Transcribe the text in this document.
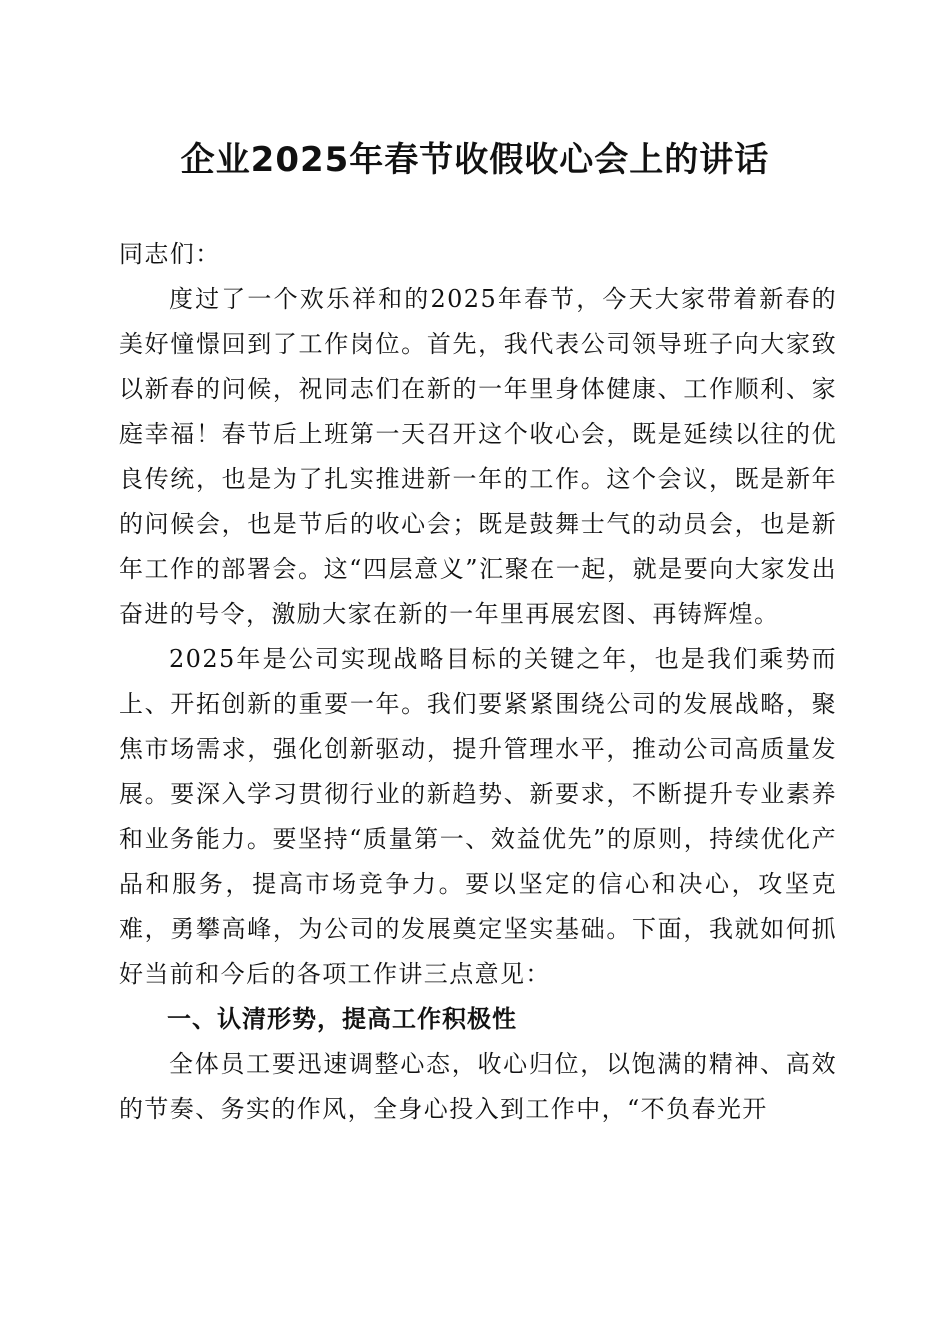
企业2025年春节收假收心会上的讲话

同志们：

度过了一个欢乐祥和的2025年春节，今天大家带着新春的美好憧憬回到了工作岗位。首先，我代表公司领导班子向大家致以新春的问候，祝同志们在新的一年里身体健康、工作顺利、家庭幸福！春节后上班第一天召开这个收心会，既是延续以往的优良传统，也是为了扎实推进新一年的工作。这个会议，既是新年的问候会，也是节后的收心会；既是鼓舞士气的动员会，也是新年工作的部署会。这“四层意义”汇聚在一起，就是要向大家发出奋进的号令，激励大家在新的一年里再展宏图、再铸辉煌。

2025年是公司实现战略目标的关键之年，也是我们乘势而上、开拓创新的重要一年。我们要紧紧围绕公司的发展战略，聚焦市场需求，强化创新驱动，提升管理水平，推动公司高质量发展。要深入学习贯彻行业的新趋势、新要求，不断提升专业素养和业务能力。要坚持“质量第一、效益优先”的原则，持续优化产品和服务，提高市场竞争力。要以坚定的信心和决心，攻坚克难，勇攀高峰，为公司的发展奠定坚实基础。下面，我就如何抓好当前和今后的各项工作讲三点意见：

一、认清形势，提高工作积极性

全体员工要迅速调整心态，收心归位，以饱满的精神、高效的节奏、务实的作风，全身心投入到工作中，“不负春光开
